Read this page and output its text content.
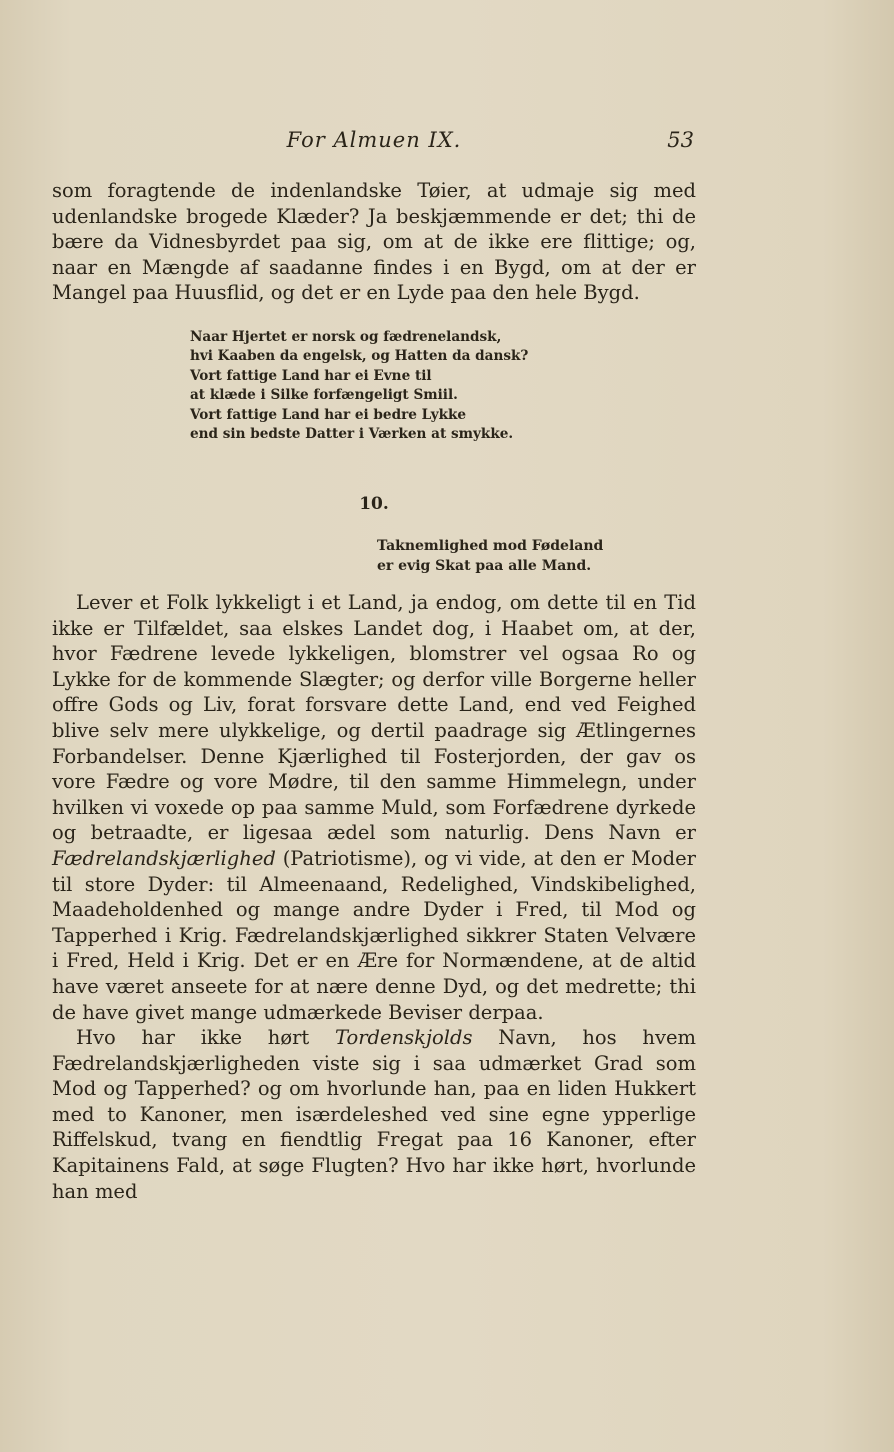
For Almuen IX.	53

som foragtende de indenlandske Tøier, at udmaje sig med udenlandske brogede Klæder? Ja beskjæmmende er det; thi de bære da Vidnesbyrdet paa sig, om at de ikke ere flittige; og, naar en Mængde af saadanne findes i en Bygd, om at der er Mangel paa Huusflid, og det er en Lyde paa den hele Bygd.

Naar Hjertet er norsk og fædrenelandsk,
hvi Kaaben da engelsk, og Hatten da dansk?
Vort fattige Land har ei Evne til
at klæde i Silke forfængeligt Smiil.
Vort fattige Land har ei bedre Lykke
end sin bedste Datter i Værken at smykke.
10.
Taknemlighed mod Fødeland
er evig Skat paa alle Mand.

Lever et Folk lykkeligt i et Land, ja endog, om dette til en Tid ikke er Tilfældet, saa elskes Landet dog, i Haabet om, at der, hvor Fædrene levede lykkeligen, blomstrer vel ogsaa Ro og Lykke for de kommende Slægter; og derfor ville Borgerne heller offre Gods og Liv, forat forsvare dette Land, end ved Feighed blive selv mere ulykkelige, og dertil paadrage sig Ætlingernes Forbandelser. Denne Kjærlighed til Fosterjorden, der gav os vore Fædre og vore Mødre, til den samme Himmelegn, under hvilken vi voxede op paa samme Muld, som Forfædrene dyrkede og betraadte, er ligesaa ædel som naturlig. Dens Navn er Fædrelandskjærlighed (Patriotisme), og vi vide, at den er Moder til store Dyder: til Almeenaand, Redelighed, Vindskibelighed, Maadeholdenhed og mange andre Dyder i Fred, til Mod og Tapperhed i Krig. Fædrelandskjærlighed sikkrer Staten Velvære i Fred, Held i Krig. Det er en Ære for Normændene, at de altid have været anseete for at nære denne Dyd, og det medrette; thi de have givet mange udmærkede Beviser derpaa.

Hvo har ikke hørt Tordenskjolds Navn, hos hvem Fædrelandskjærligheden viste sig i saa udmærket Grad som Mod og Tapperhed? og om hvorlunde han, paa en liden Hukkert med to Kanoner, men isærdeleshed ved sine egne ypperlige Riffelskud, tvang en fiendtlig Fregat paa 16 Kanoner, efter Kapitainens Fald, at søge Flugten? Hvo har ikke hørt, hvorlunde han med
